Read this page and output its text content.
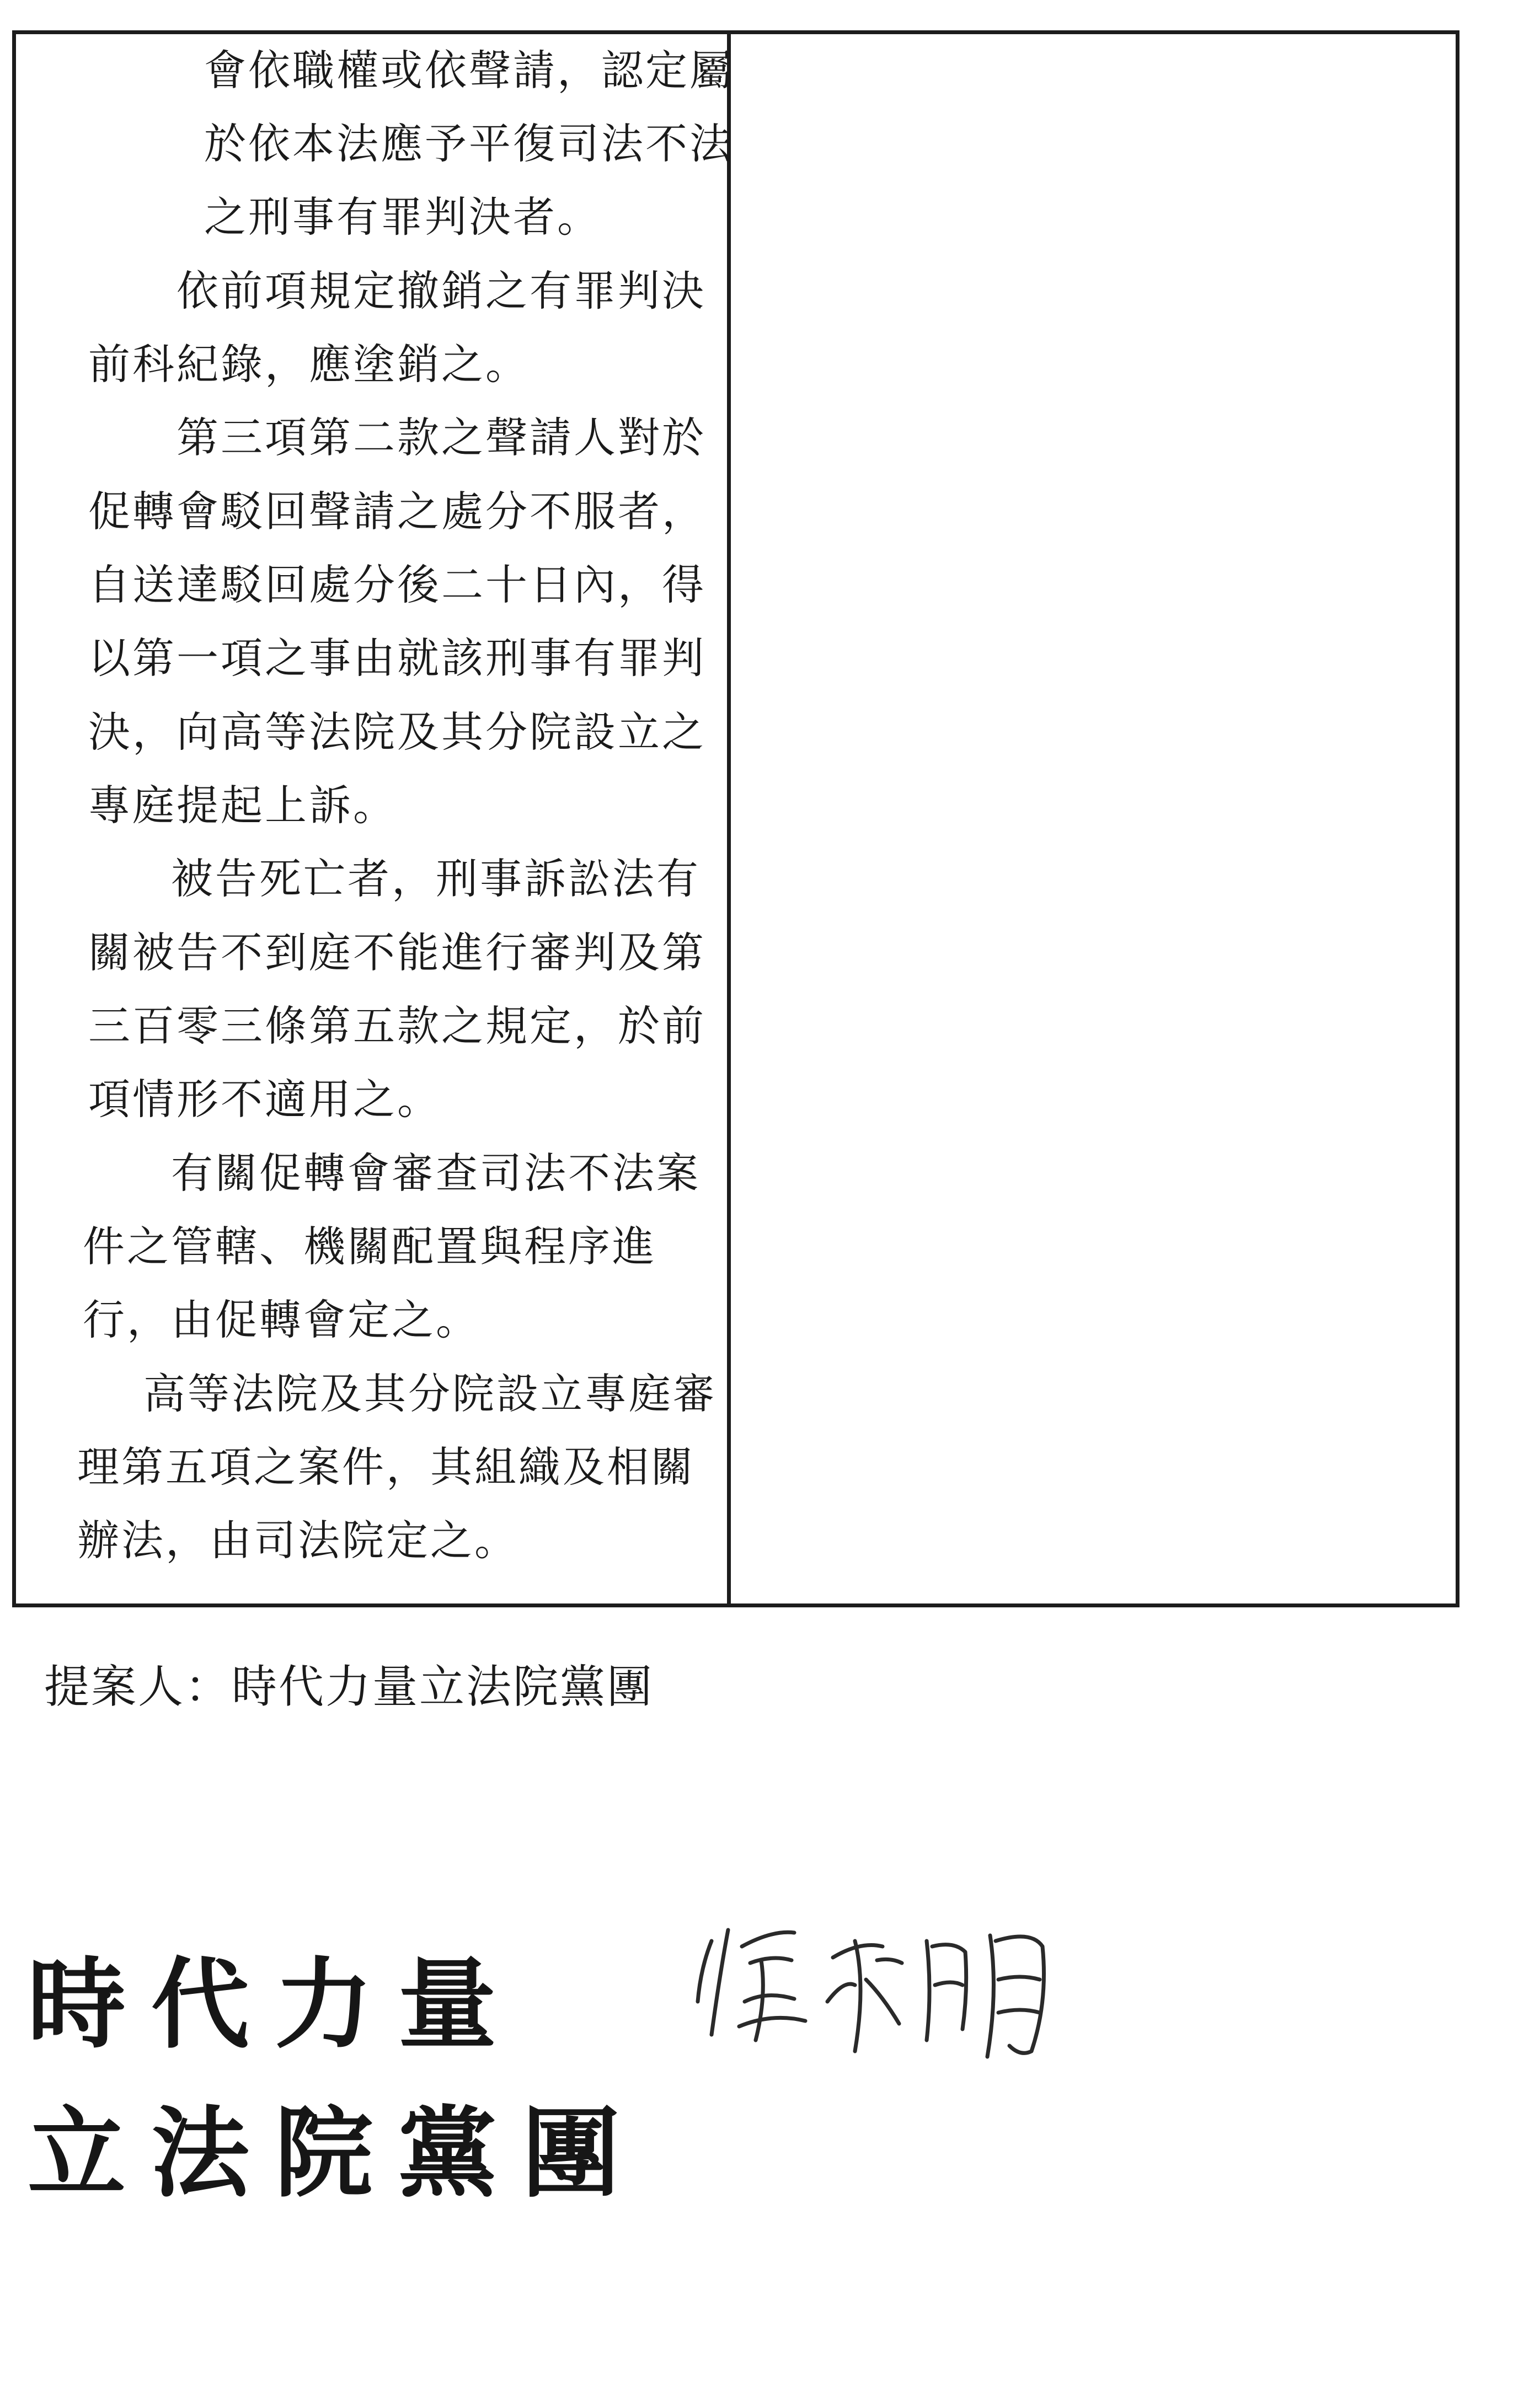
會依職權或依聲請，認定屬
於依本法應予平復司法不法
之刑事有罪判決者。
依前項規定撤銷之有罪判決
前科紀錄，應塗銷之。
第三項第二款之聲請人對於
促轉會駁回聲請之處分不服者，
自送達駁回處分後二十日內，得
以第一項之事由就該刑事有罪判
決，向高等法院及其分院設立之
專庭提起上訴。
被告死亡者，刑事訴訟法有
關被告不到庭不能進行審判及第
三百零三條第五款之規定，於前
項情形不適用之。
有關促轉會審查司法不法案
件之管轄、機關配置與程序進
行，由促轉會定之。
高等法院及其分院設立專庭審
理第五項之案件，其組織及相關
辦法，由司法院定之。
提案人：時代力量立法院黨團
時代力量
立法院黨團
